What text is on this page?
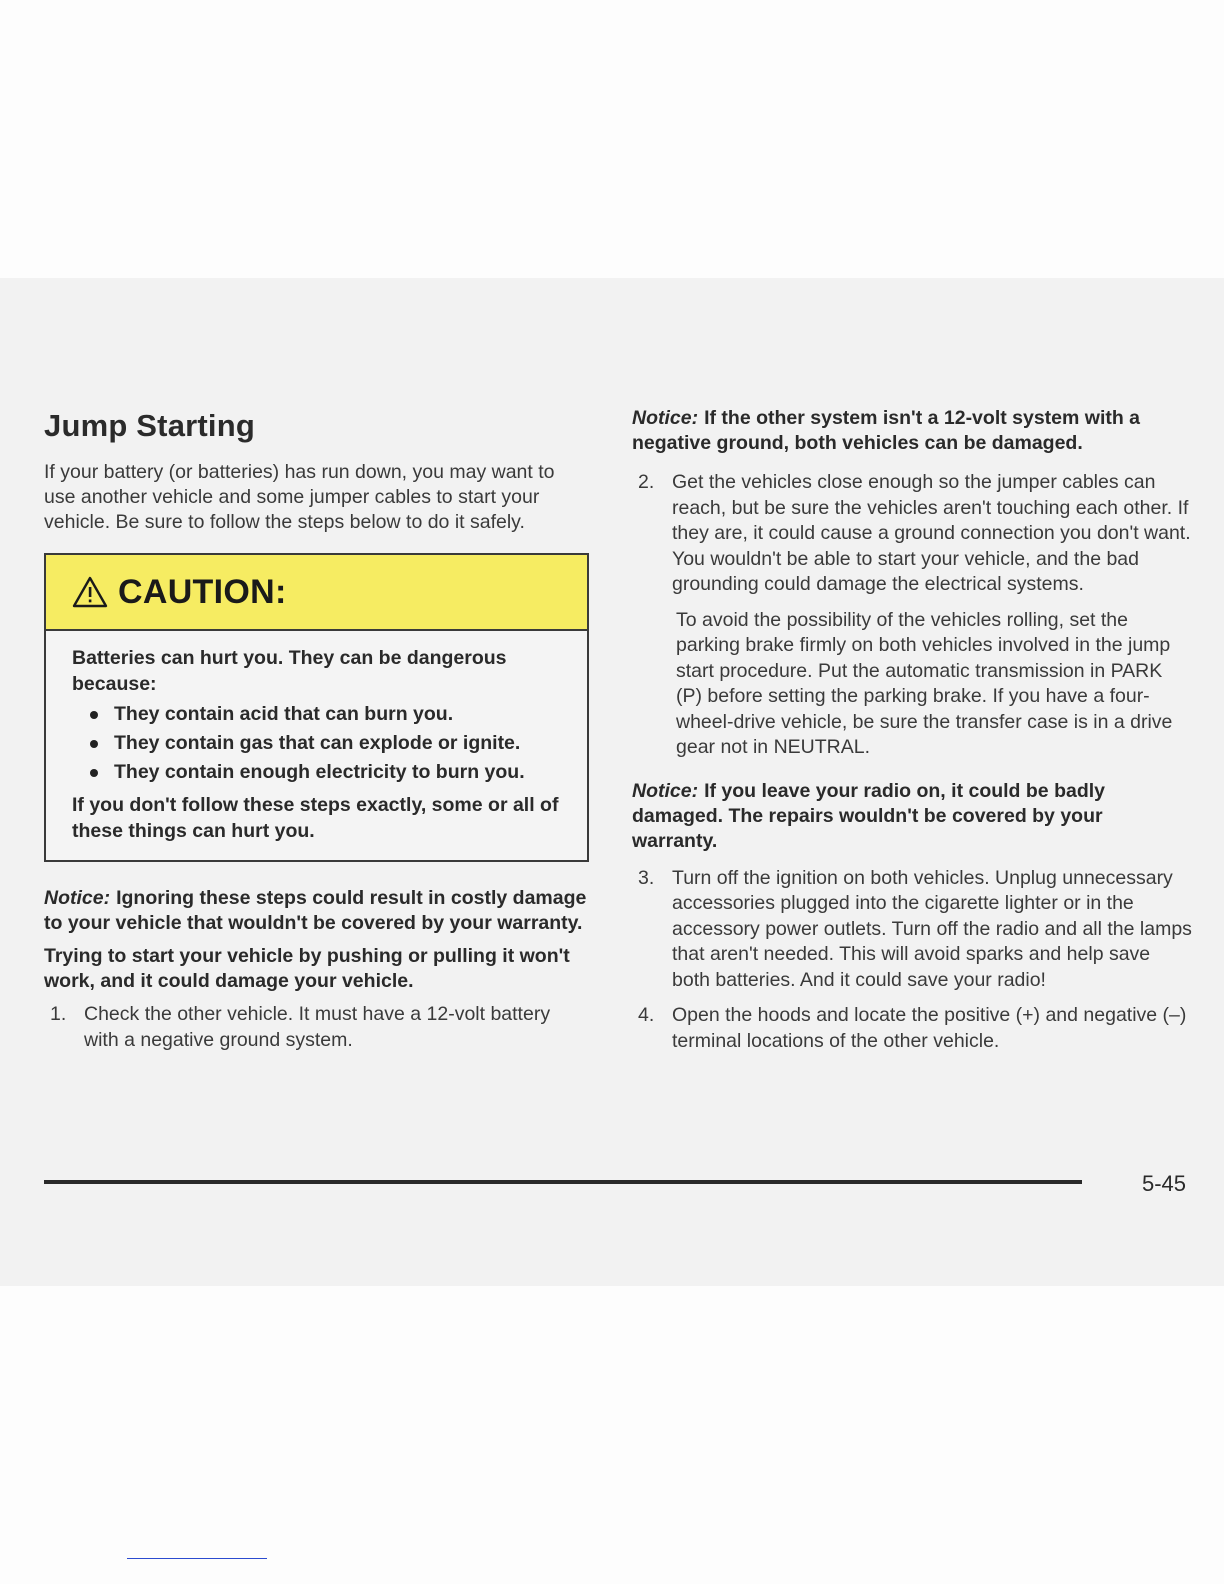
Jump Starting

If your battery (or batteries) has run down, you may want to use another vehicle and some jumper cables to start your vehicle. Be sure to follow the steps below to do it safely.

CAUTION:
Batteries can hurt you. They can be dangerous because:
They contain acid that can burn you.
They contain gas that can explode or ignite.
They contain enough electricity to burn you.
If you don't follow these steps exactly, some or all of these things can hurt you.

Notice: Ignoring these steps could result in costly damage to your vehicle that wouldn't be covered by your warranty.

Trying to start your vehicle by pushing or pulling it won't work, and it could damage your vehicle.

1. Check the other vehicle. It must have a 12-volt battery with a negative ground system.

Notice: If the other system isn't a 12-volt system with a negative ground, both vehicles can be damaged.

2. Get the vehicles close enough so the jumper cables can reach, but be sure the vehicles aren't touching each other. If they are, it could cause a ground connection you don't want. You wouldn't be able to start your vehicle, and the bad grounding could damage the electrical systems.

To avoid the possibility of the vehicles rolling, set the parking brake firmly on both vehicles involved in the jump start procedure. Put the automatic transmission in PARK (P) before setting the parking brake. If you have a four-wheel-drive vehicle, be sure the transfer case is in a drive gear not in NEUTRAL.

Notice: If you leave your radio on, it could be badly damaged. The repairs wouldn't be covered by your warranty.

3. Turn off the ignition on both vehicles. Unplug unnecessary accessories plugged into the cigarette lighter or in the accessory power outlets. Turn off the radio and all the lamps that aren't needed. This will avoid sparks and help save both batteries. And it could save your radio!
4. Open the hoods and locate the positive (+) and negative (–) terminal locations of the other vehicle.
5-45
